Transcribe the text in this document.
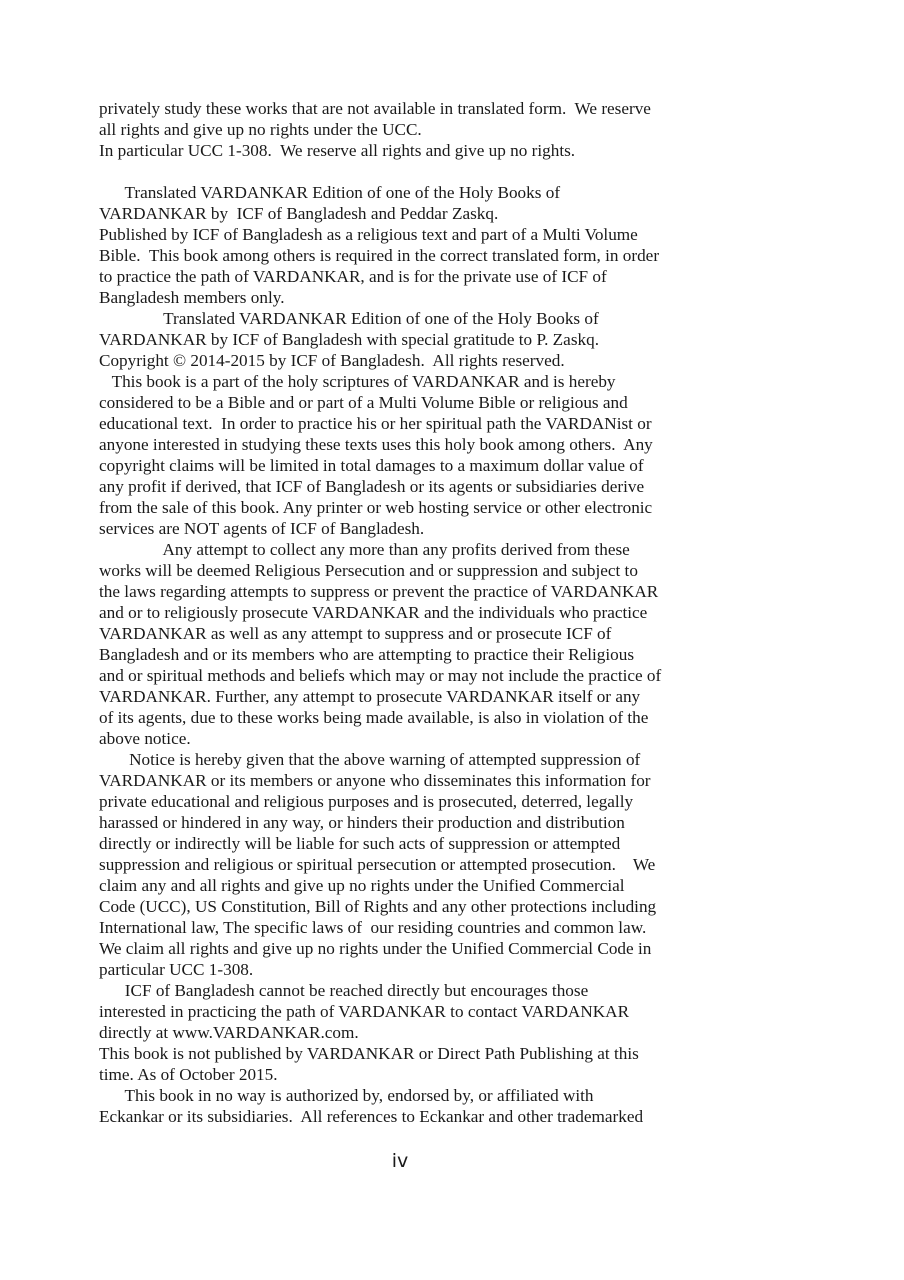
privately study these works that are not available in translated form.  We reserve
all rights and give up no rights under the UCC.
In particular UCC 1-308.  We reserve all rights and give up no rights.
Translated VARDANKAR Edition of one of the Holy Books of
VARDANKAR by  ICF of Bangladesh and Peddar Zaskq.
Published by ICF of Bangladesh as a religious text and part of a Multi Volume
Bible.  This book among others is required in the correct translated form, in order
to practice the path of VARDANKAR, and is for the private use of ICF of
Bangladesh members only.
Translated VARDANKAR Edition of one of the Holy Books of
VARDANKAR by ICF of Bangladesh with special gratitude to P. Zaskq.
Copyright © 2014-2015 by ICF of Bangladesh.  All rights reserved.
This book is a part of the holy scriptures of VARDANKAR and is hereby
considered to be a Bible and or part of a Multi Volume Bible or religious and
educational text.  In order to practice his or her spiritual path the VARDANist or
anyone interested in studying these texts uses this holy book among others.  Any
copyright claims will be limited in total damages to a maximum dollar value of
any profit if derived, that ICF of Bangladesh or its agents or subsidiaries derive
from the sale of this book. Any printer or web hosting service or other electronic
services are NOT agents of ICF of Bangladesh.
Any attempt to collect any more than any profits derived from these
works will be deemed Religious Persecution and or suppression and subject to
the laws regarding attempts to suppress or prevent the practice of VARDANKAR
and or to religiously prosecute VARDANKAR and the individuals who practice
VARDANKAR as well as any attempt to suppress and or prosecute ICF of
Bangladesh and or its members who are attempting to practice their Religious
and or spiritual methods and beliefs which may or may not include the practice of
VARDANKAR. Further, any attempt to prosecute VARDANKAR itself or any
of its agents, due to these works being made available, is also in violation of the
above notice.
Notice is hereby given that the above warning of attempted suppression of
VARDANKAR or its members or anyone who disseminates this information for
private educational and religious purposes and is prosecuted, deterred, legally
harassed or hindered in any way, or hinders their production and distribution
directly or indirectly will be liable for such acts of suppression or attempted
suppression and religious or spiritual persecution or attempted prosecution.    We
claim any and all rights and give up no rights under the Unified Commercial
Code (UCC), US Constitution, Bill of Rights and any other protections including
International law, The specific laws of  our residing countries and common law.
We claim all rights and give up no rights under the Unified Commercial Code in
particular UCC 1-308.
ICF of Bangladesh cannot be reached directly but encourages those
interested in practicing the path of VARDANKAR to contact VARDANKAR
directly at www.VARDANKAR.com.
This book is not published by VARDANKAR or Direct Path Publishing at this
time. As of October 2015.
This book in no way is authorized by, endorsed by, or affiliated with
Eckankar or its subsidiaries.  All references to Eckankar and other trademarked
iv
